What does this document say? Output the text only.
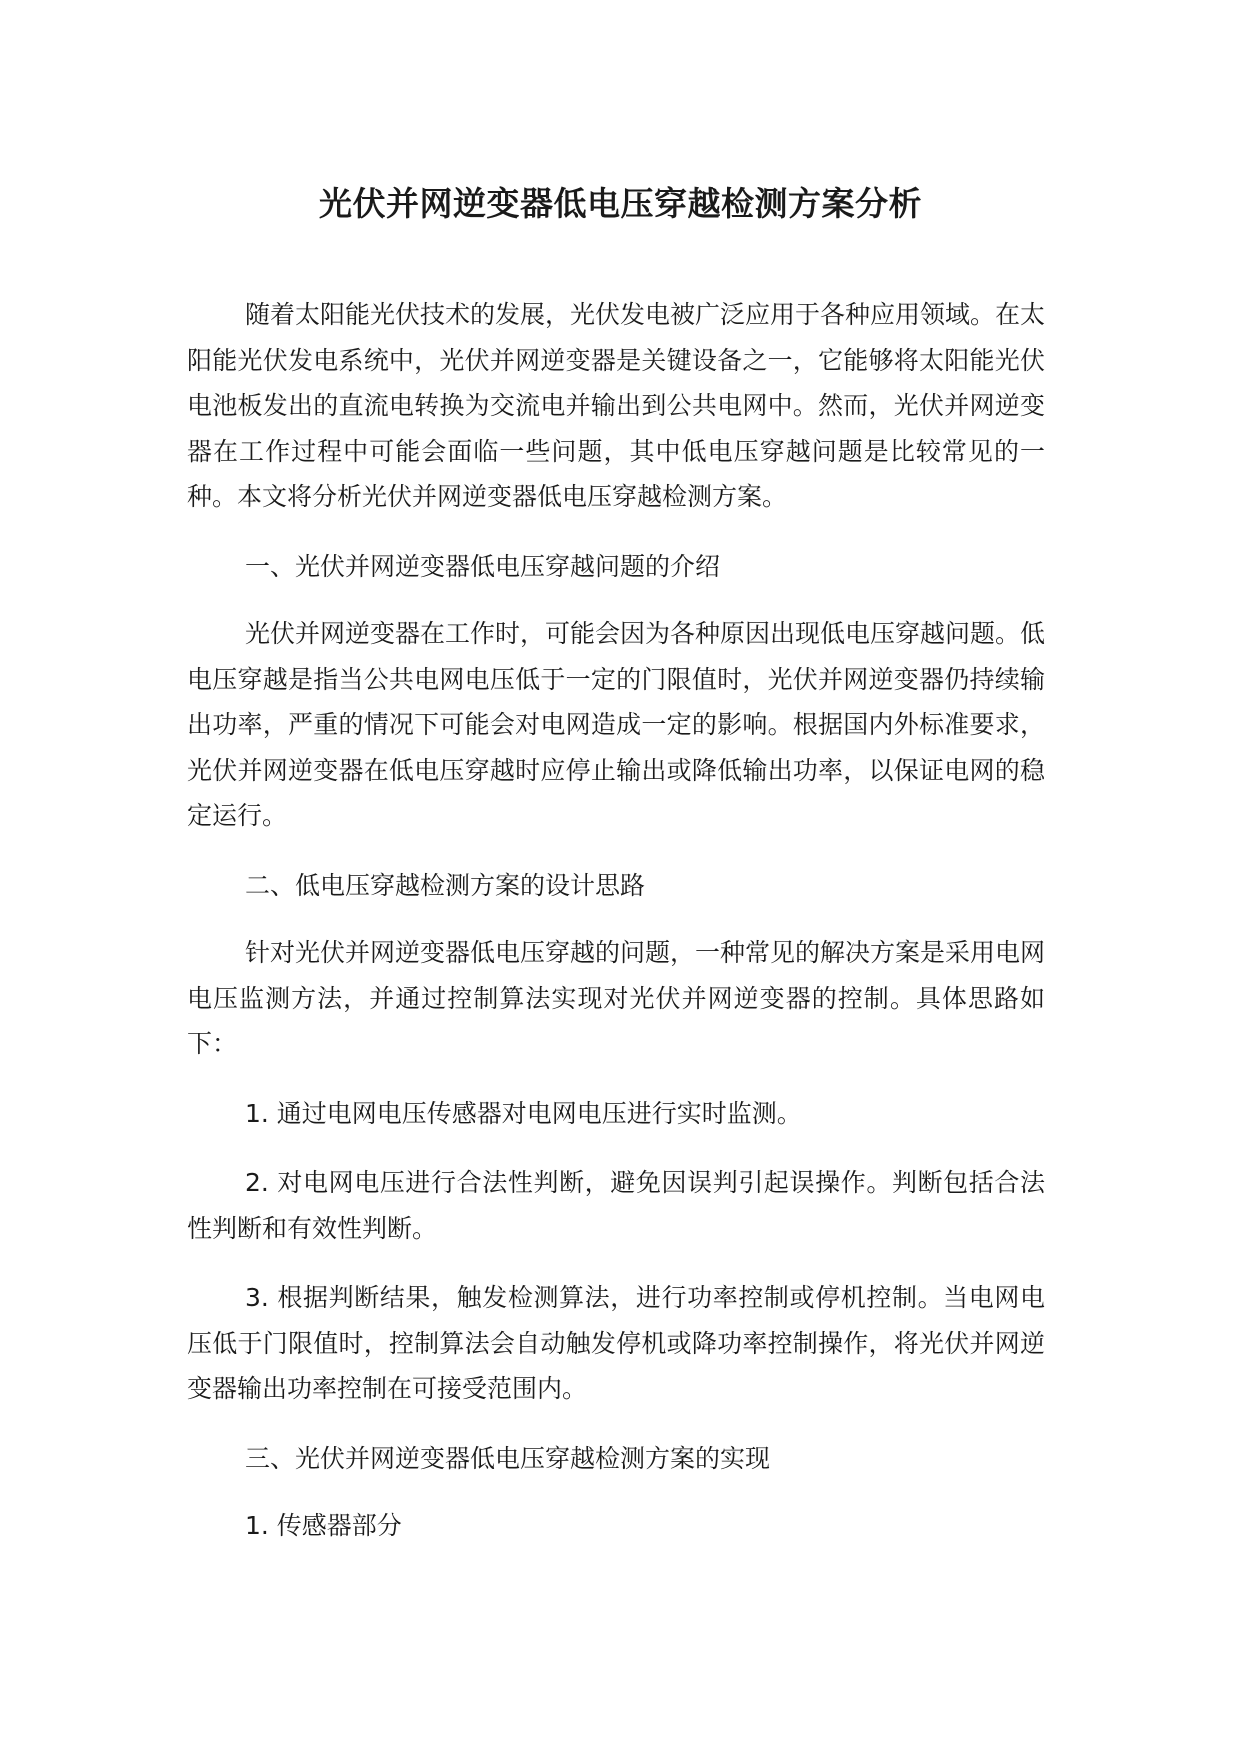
光伏并网逆变器低电压穿越检测方案分析

随着太阳能光伏技术的发展，光伏发电被广泛应用于各种应用领域。在太阳能光伏发电系统中，光伏并网逆变器是关键设备之一，它能够将太阳能光伏电池板发出的直流电转换为交流电并输出到公共电网中。然而，光伏并网逆变器在工作过程中可能会面临一些问题，其中低电压穿越问题是比较常见的一种。本文将分析光伏并网逆变器低电压穿越检测方案。

一、光伏并网逆变器低电压穿越问题的介绍

光伏并网逆变器在工作时，可能会因为各种原因出现低电压穿越问题。低电压穿越是指当公共电网电压低于一定的门限值时，光伏并网逆变器仍持续输出功率，严重的情况下可能会对电网造成一定的影响。根据国内外标准要求，光伏并网逆变器在低电压穿越时应停止输出或降低输出功率，以保证电网的稳定运行。

二、低电压穿越检测方案的设计思路

针对光伏并网逆变器低电压穿越的问题，一种常见的解决方案是采用电网电压监测方法，并通过控制算法实现对光伏并网逆变器的控制。具体思路如下：

1. 通过电网电压传感器对电网电压进行实时监测。

2. 对电网电压进行合法性判断，避免因误判引起误操作。判断包括合法性判断和有效性判断。

3. 根据判断结果，触发检测算法，进行功率控制或停机控制。当电网电压低于门限值时，控制算法会自动触发停机或降功率控制操作，将光伏并网逆变器输出功率控制在可接受范围内。

三、光伏并网逆变器低电压穿越检测方案的实现

1. 传感器部分
